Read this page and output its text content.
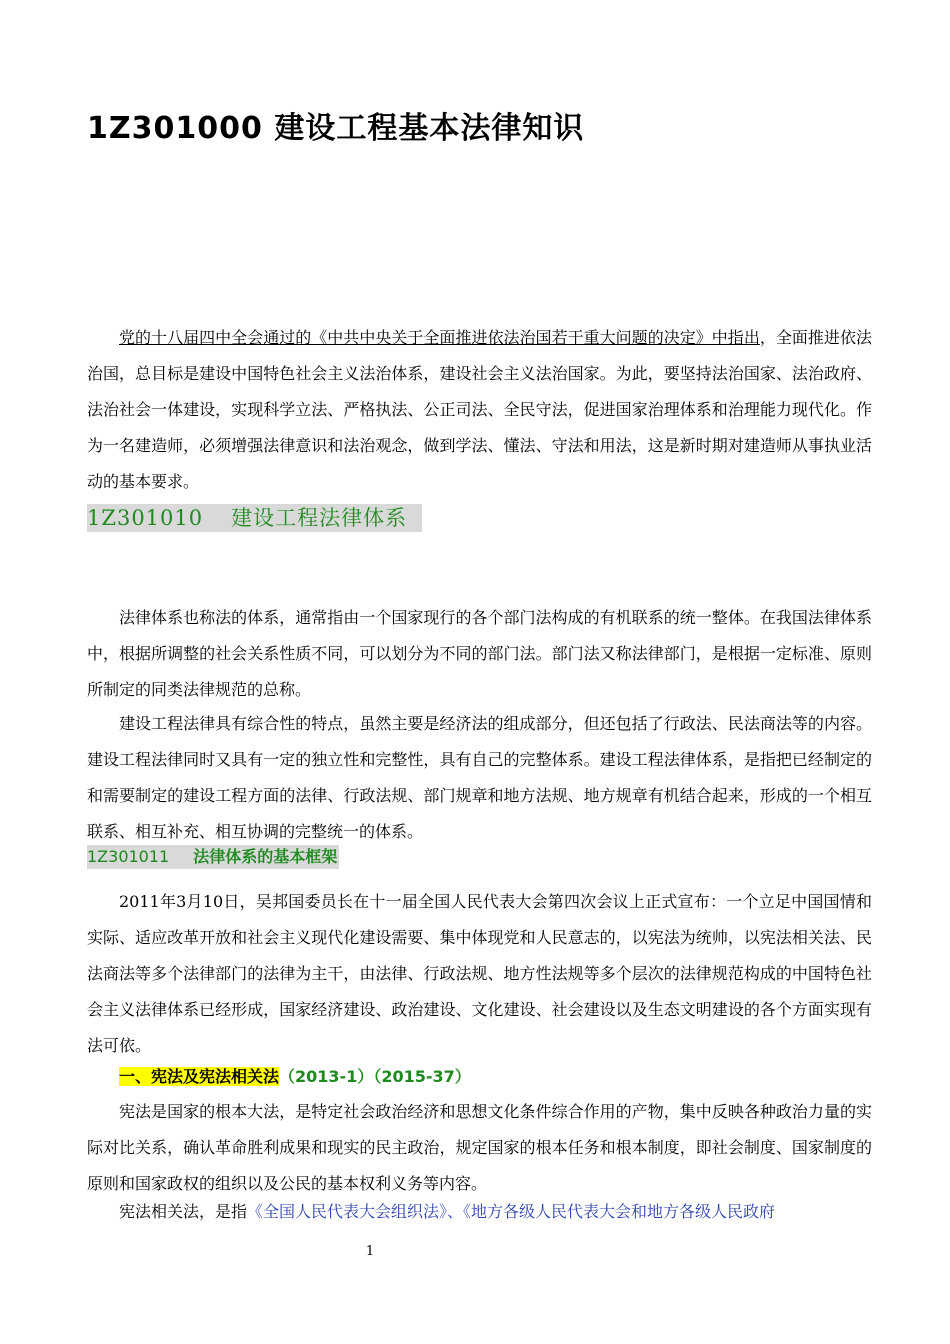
1Z301000 建设工程基本法律知识

党的十八届四中全会通过的《中共中央关于全面推进依法治国若干重大问题的决定》中指出，全面推进依法治国，总目标是建设中国特色社会主义法治体系，建设社会主义法治国家。为此，要坚持法治国家、法治政府、法治社会一体建设，实现科学立法、严格执法、公正司法、全民守法，促进国家治理体系和治理能力现代化。作为一名建造师，必须增强法律意识和法治观念，做到学法、懂法、守法和用法，这是新时期对建造师从事执业活动的基本要求。

1Z301010 建设工程法律体系

法律体系也称法的体系，通常指由一个国家现行的各个部门法构成的有机联系的统一整体。在我国法律体系中，根据所调整的社会关系性质不同，可以划分为不同的部门法。部门法又称法律部门，是根据一定标准、原则所制定的同类法律规范的总称。

建设工程法律具有综合性的特点，虽然主要是经济法的组成部分，但还包括了行政法、民法商法等的内容。建设工程法律同时又具有一定的独立性和完整性，具有自己的完整体系。建设工程法律体系，是指把已经制定的和需要制定的建设工程方面的法律、行政法规、部门规章和地方法规、地方规章有机结合起来，形成的一个相互联系、相互补充、相互协调的完整统一的体系。

1Z301011 法律体系的基本框架

2011年3月10日，吴邦国委员长在十一届全国人民代表大会第四次会议上正式宣布：一个立足中国国情和实际、适应改革开放和社会主义现代化建设需要、集中体现党和人民意志的，以宪法为统帅，以宪法相关法、民法商法等多个法律部门的法律为主干，由法律、行政法规、地方性法规等多个层次的法律规范构成的中国特色社会主义法律体系已经形成，国家经济建设、政治建设、文化建设、社会建设以及生态文明建设的各个方面实现有法可依。

一、宪法及宪法相关法（2013-1）（2015-37）

宪法是国家的根本大法，是特定社会政治经济和思想文化条件综合作用的产物，集中反映各种政治力量的实际对比关系，确认革命胜利成果和现实的民主政治，规定国家的根本任务和根本制度，即社会制度、国家制度的原则和国家政权的组织以及公民的基本权利义务等内容。

宪法相关法，是指《全国人民代表大会组织法》、《地方各级人民代表大会和地方各级人民政府

1
